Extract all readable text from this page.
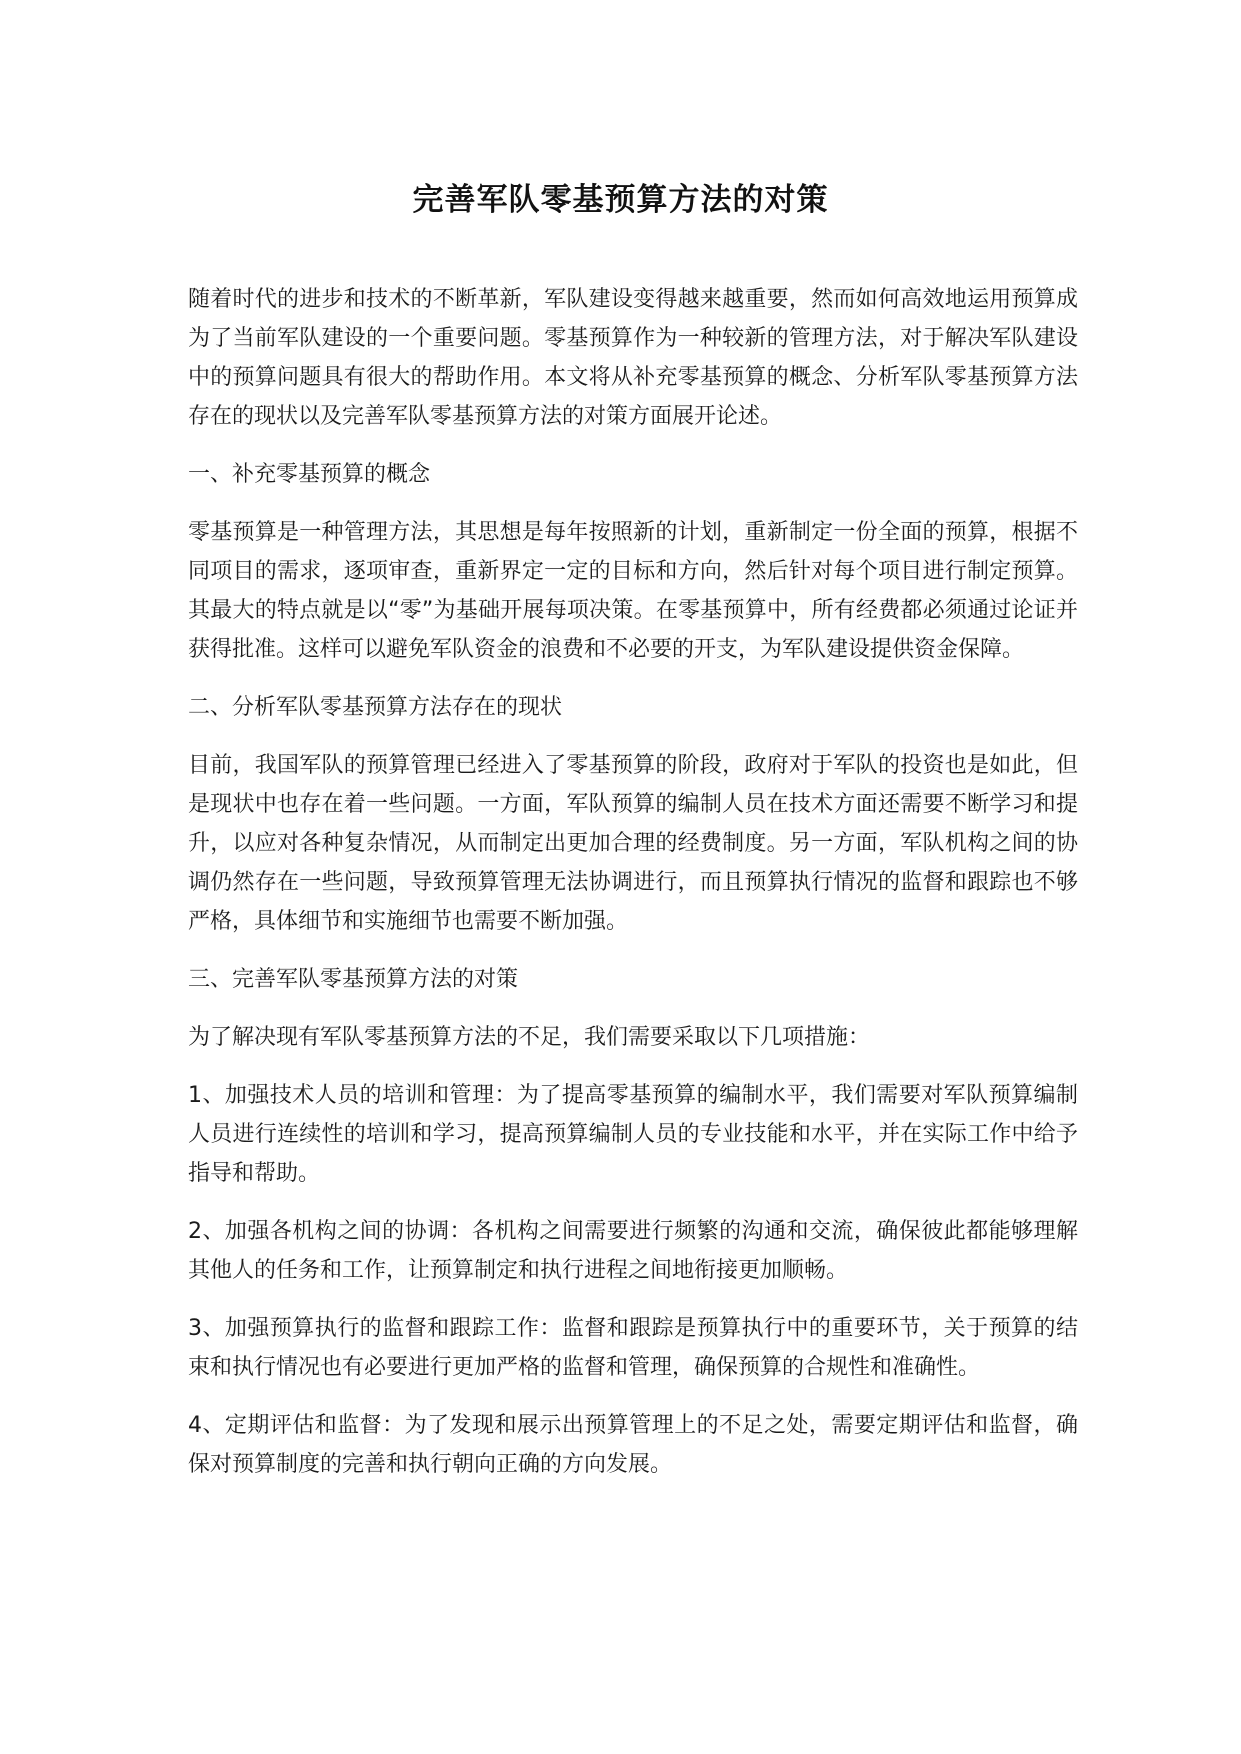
完善军队零基预算方法的对策

随着时代的进步和技术的不断革新，军队建设变得越来越重要，然而如何高效地运用预算成为了当前军队建设的一个重要问题。零基预算作为一种较新的管理方法，对于解决军队建设中的预算问题具有很大的帮助作用。本文将从补充零基预算的概念、分析军队零基预算方法存在的现状以及完善军队零基预算方法的对策方面展开论述。

一、补充零基预算的概念

零基预算是一种管理方法，其思想是每年按照新的计划，重新制定一份全面的预算，根据不同项目的需求，逐项审查，重新界定一定的目标和方向，然后针对每个项目进行制定预算。其最大的特点就是以“零”为基础开展每项决策。在零基预算中，所有经费都必须通过论证并获得批准。这样可以避免军队资金的浪费和不必要的开支，为军队建设提供资金保障。

二、分析军队零基预算方法存在的现状

目前，我国军队的预算管理已经进入了零基预算的阶段，政府对于军队的投资也是如此，但是现状中也存在着一些问题。一方面，军队预算的编制人员在技术方面还需要不断学习和提升，以应对各种复杂情况，从而制定出更加合理的经费制度。另一方面，军队机构之间的协调仍然存在一些问题，导致预算管理无法协调进行，而且预算执行情况的监督和跟踪也不够严格，具体细节和实施细节也需要不断加强。

三、完善军队零基预算方法的对策

为了解决现有军队零基预算方法的不足，我们需要采取以下几项措施：

1、加强技术人员的培训和管理：为了提高零基预算的编制水平，我们需要对军队预算编制人员进行连续性的培训和学习，提高预算编制人员的专业技能和水平，并在实际工作中给予指导和帮助。

2、加强各机构之间的协调：各机构之间需要进行频繁的沟通和交流，确保彼此都能够理解其他人的任务和工作，让预算制定和执行进程之间地衔接更加顺畅。

3、加强预算执行的监督和跟踪工作：监督和跟踪是预算执行中的重要环节，关于预算的结束和执行情况也有必要进行更加严格的监督和管理，确保预算的合规性和准确性。

4、定期评估和监督：为了发现和展示出预算管理上的不足之处，需要定期评估和监督，确保对预算制度的完善和执行朝向正确的方向发展。
